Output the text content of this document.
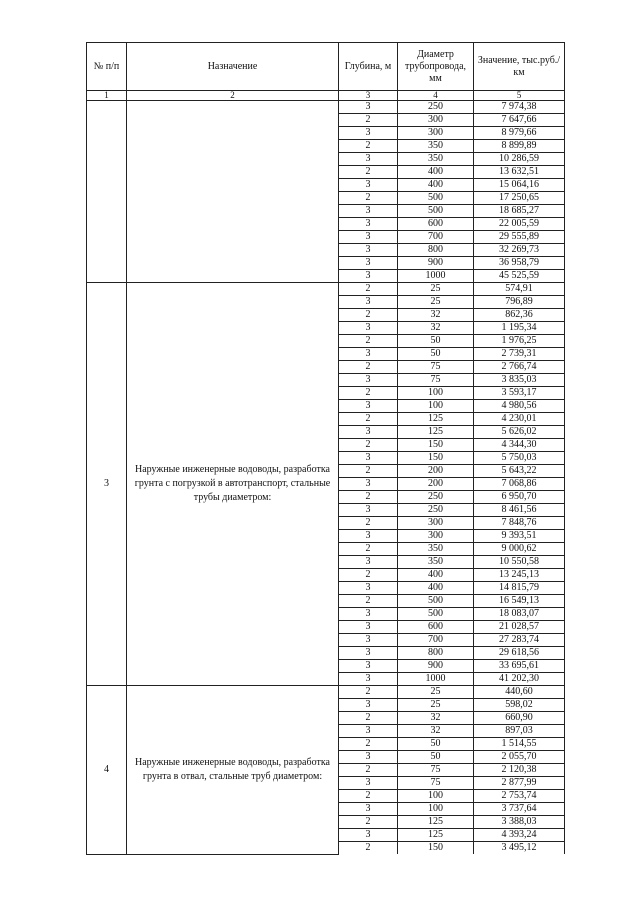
№ п/п	Назначение	Глубина, м	Диаметр трубопровода, мм	Значение, тыс.руб./км
1	2	3	4	5
		3	250	7 974,38
		2	300	7 647,66
		3	300	8 979,66
		2	350	8 899,89
		3	350	10 286,59
		2	400	13 632,51
		3	400	15 064,16
		2	500	17 250,65
		3	500	18 685,27
		3	600	22 005,59
		3	700	29 555,89
		3	800	32 269,73
		3	900	36 958,79
		3	1000	45 525,59
3	Наружные инженерные водоводы, разработка грунта с погрузкой в автотранспорт, стальные трубы диаметром:	2	25	574,91
		3	25	796,89
		2	32	862,36
		3	32	1 195,34
		2	50	1 976,25
		3	50	2 739,31
		2	75	2 766,74
		3	75	3 835,03
		2	100	3 593,17
		3	100	4 980,56
		2	125	4 230,01
		3	125	5 626,02
		2	150	4 344,30
		3	150	5 750,03
		2	200	5 643,22
		3	200	7 068,86
		2	250	6 950,70
		3	250	8 461,56
		2	300	7 848,76
		3	300	9 393,51
		2	350	9 000,62
		3	350	10 550,58
		2	400	13 245,13
		3	400	14 815,79
		2	500	16 549,13
		3	500	18 083,07
		3	600	21 028,57
		3	700	27 283,74
		3	800	29 618,56
		3	900	33 695,61
		3	1000	41 202,30
4	Наружные инженерные водоводы, разработка грунта в отвал, стальные труб диаметром:	2	25	440,60
		3	25	598,02
		2	32	660,90
		3	32	897,03
		2	50	1 514,55
		3	50	2 055,70
		2	75	2 120,38
		3	75	2 877,99
		2	100	2 753,74
		3	100	3 737,64
		2	125	3 388,03
		3	125	4 393,24
		2	150	3 495,12
